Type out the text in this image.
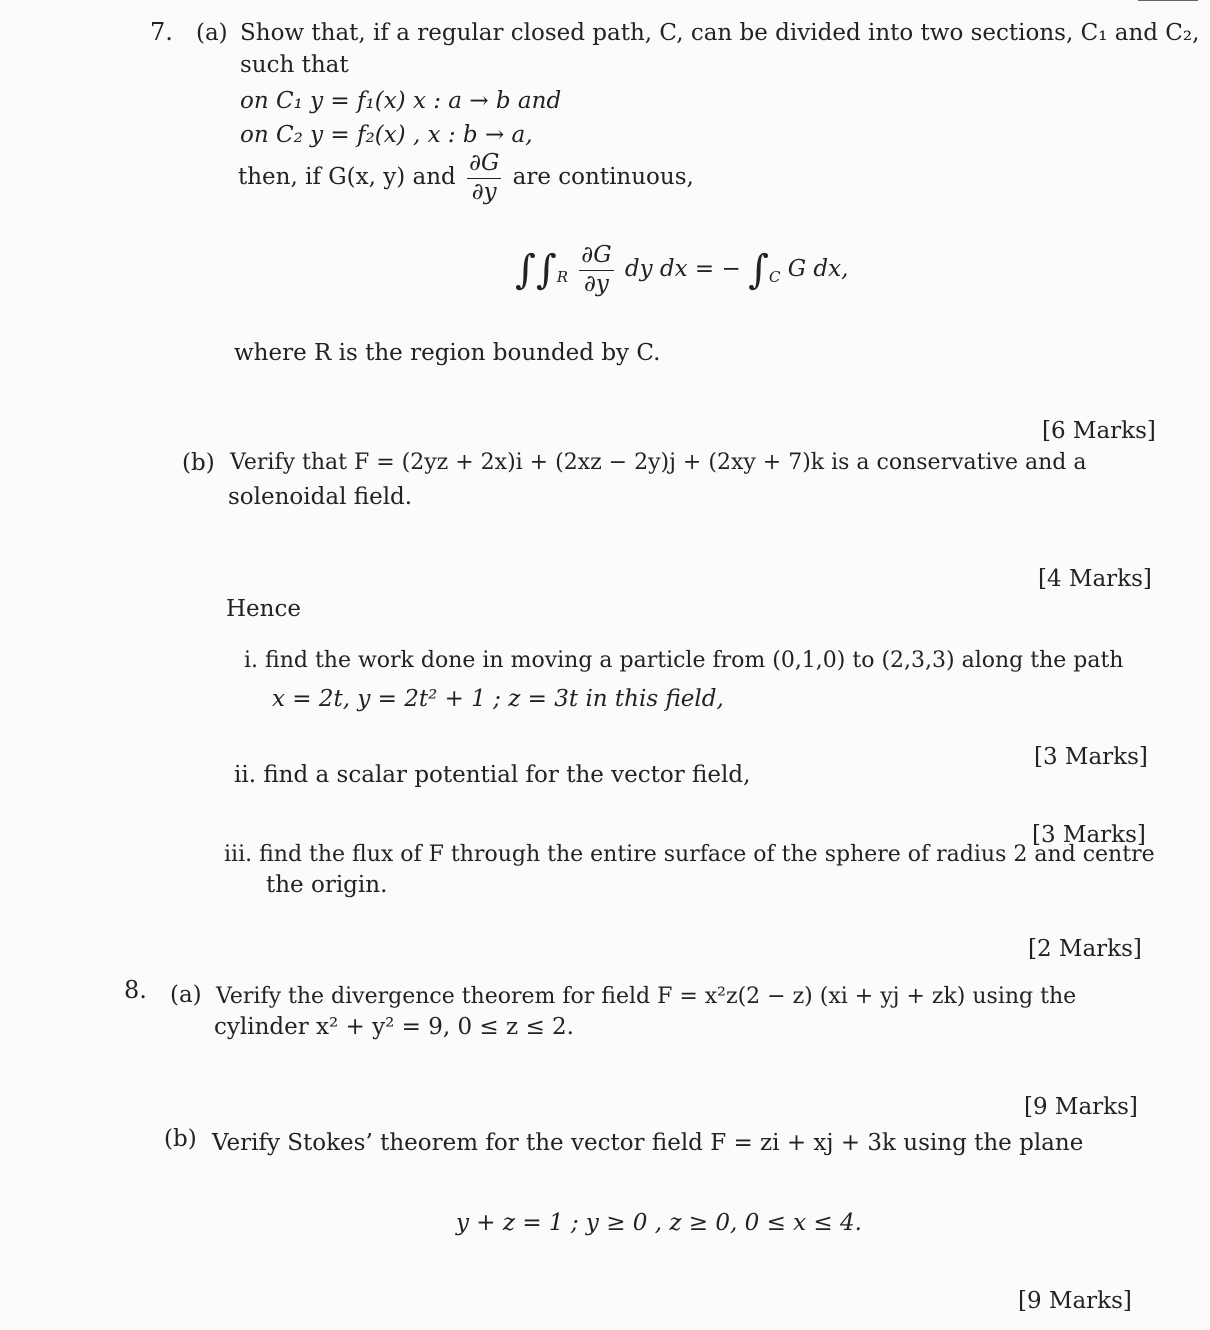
7. (a) Show that, if a regular closed path, C, can be divided into two sections, C₁ and C₂,
such that
on C₁ y = f₁(x) x : a → b and
on C₂ y = f₂(x) , x : b → a,
then, if G(x, y) and $\frac{\partial G}{\partial y}$ are continuous,
$\int\int_R \frac{\partial G}{\partial y}$ dy dx = − $\int_C$ G dx,
where R is the region bounded by C.
[6 Marks]
(b) Verify that F = (2yz + 2x)i + (2xz − 2y)j + (2xy + 7)k is a conservative and a
solenoidal field.
[4 Marks]
Hence
i. find the work done in moving a particle from (0,1,0) to (2,3,3) along the path
x = 2t, y = 2t² + 1 ; z = 3t in this field,
[3 Marks]
ii. find a scalar potential for the vector field,
[3 Marks]
iii. find the flux of F through the entire surface of the sphere of radius 2 and centre
the origin.
[2 Marks]
8. (a) Verify the divergence theorem for field F = x²z(2 − z) (xi + yj + zk) using the
cylinder x² + y² = 9, 0 ≤ z ≤ 2.
[9 Marks]
(b) Verify Stokes’ theorem for the vector field F = zi + xj + 3k using the plane
y + z = 1 ; y ≥ 0 , z ≥ 0, 0 ≤ x ≤ 4.
[9 Marks]
